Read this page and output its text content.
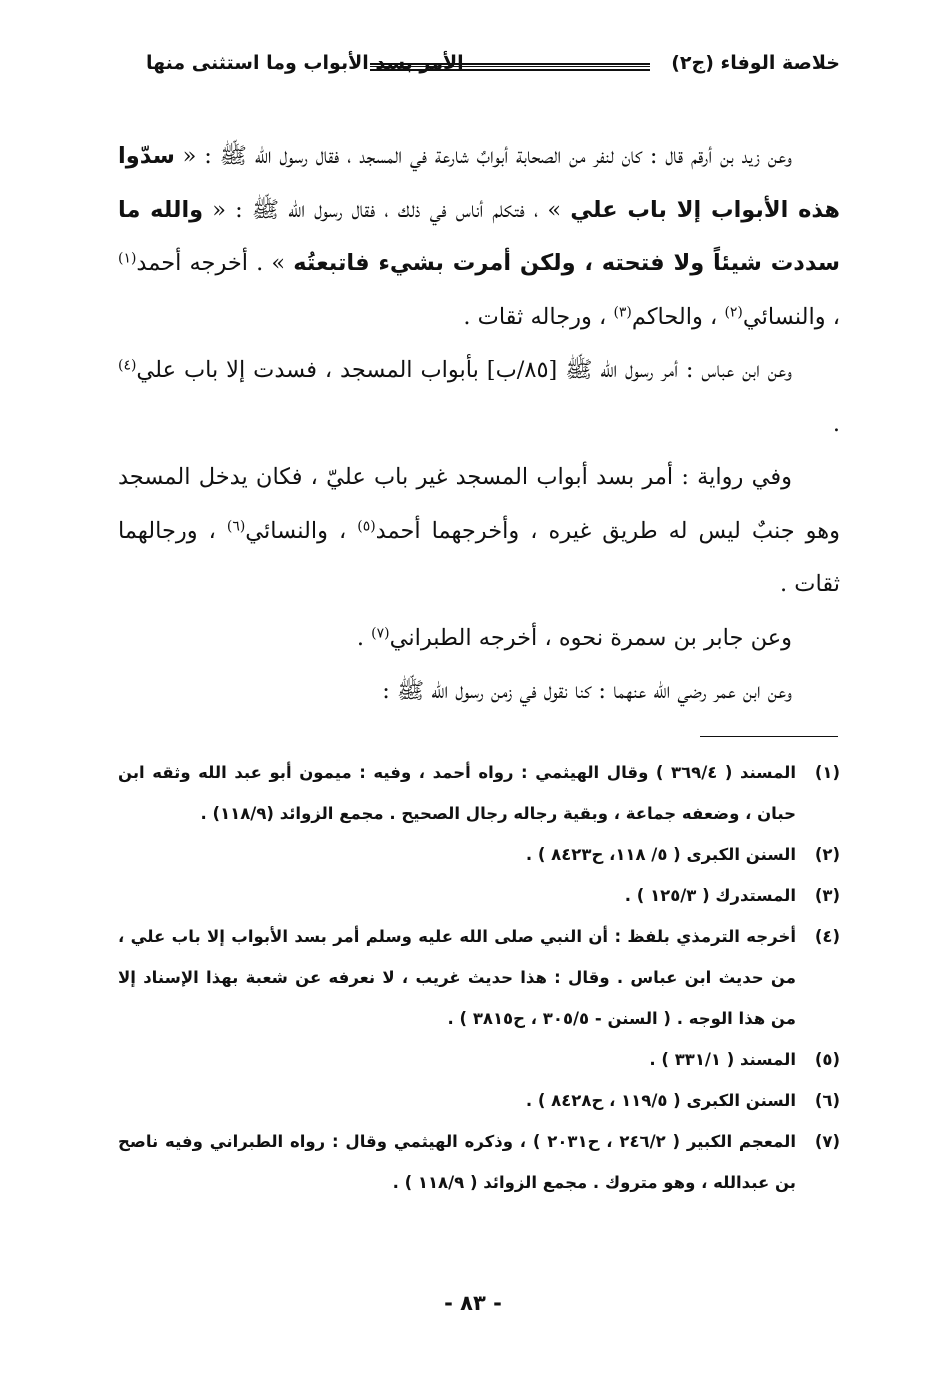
خلاصة الوفاء (ج٢)
الأمر بسد الأبواب وما استثنى منها

وعن زيد بن أرقم قال : كان لنفر من الصحابة أبوابٌ شارعة في المسجد ، فقال رسول الله ﷺ : « سدّوا هذه الأبواب إلا باب علي » ، فتكلم أناس في ذلك ، فقال رسول الله ﷺ : « والله ما سددت شيئاً ولا فتحته ، ولكن أمرت بشيء فاتبعتُه » . أخرجه أحمد$^{(١)}$ ، والنسائي$^{(٢)}$ ، والحاكم$^{(٣)}$ ، ورجاله ثقات .

وعن ابن عباس : أمر رسول الله ﷺ [٨٥/ب] بأبواب المسجد ، فسدت إلا باب علي$^{(٤)}$ .

وفي رواية : أمر بسد أبواب المسجد غير باب عليّ ، فكان يدخل المسجد وهو جنبٌ ليس له طريق غيره ، وأخرجهما أحمد$^{(٥)}$ ، والنسائي$^{(٦)}$ ، ورجالهما ثقات .

وعن جابر بن سمرة نحوه ، أخرجه الطبراني$^{(٧)}$ .

وعن ابن عمر رضي الله عنهما : كنا نقول في زمن رسول الله ﷺ :

(١)
المسند ( ٣٦٩/٤ ) وقال الهيثمي : رواه أحمد ، وفيه : ميمون أبو عبد الله وثقه ابن حبان ، وضعفه جماعة ، وبقية رجاله رجال الصحيح . مجمع الزوائد (١١٨/٩) .
(٢)
السنن الكبرى ( ٥/ ١١٨، ح٨٤٢٣ ) .
(٣)
المستدرك ( ١٢٥/٣ ) .
(٤)
أخرجه الترمذي بلفظ : أن النبي صلى الله عليه وسلم أمر بسد الأبواب إلا باب علي ، من حديث ابن عباس . وقال : هذا حديث غريب ، لا نعرفه عن شعبة بهذا الإسناد إلا من هذا الوجه . ( السنن - ٣٠٥/٥ ، ح٣٨١٥ ) .
(٥)
المسند ( ٣٣١/١ ) .
(٦)
السنن الكبرى ( ١١٩/٥ ، ح٨٤٢٨ ) .
(٧)
المعجم الكبير ( ٢٤٦/٢ ، ح٢٠٣١ ) ، وذكره الهيثمي وقال : رواه الطبراني وفيه ناصح بن عبدالله ، وهو متروك . مجمع الزوائد ( ١١٨/٩ ) .
- ٨٣ -
